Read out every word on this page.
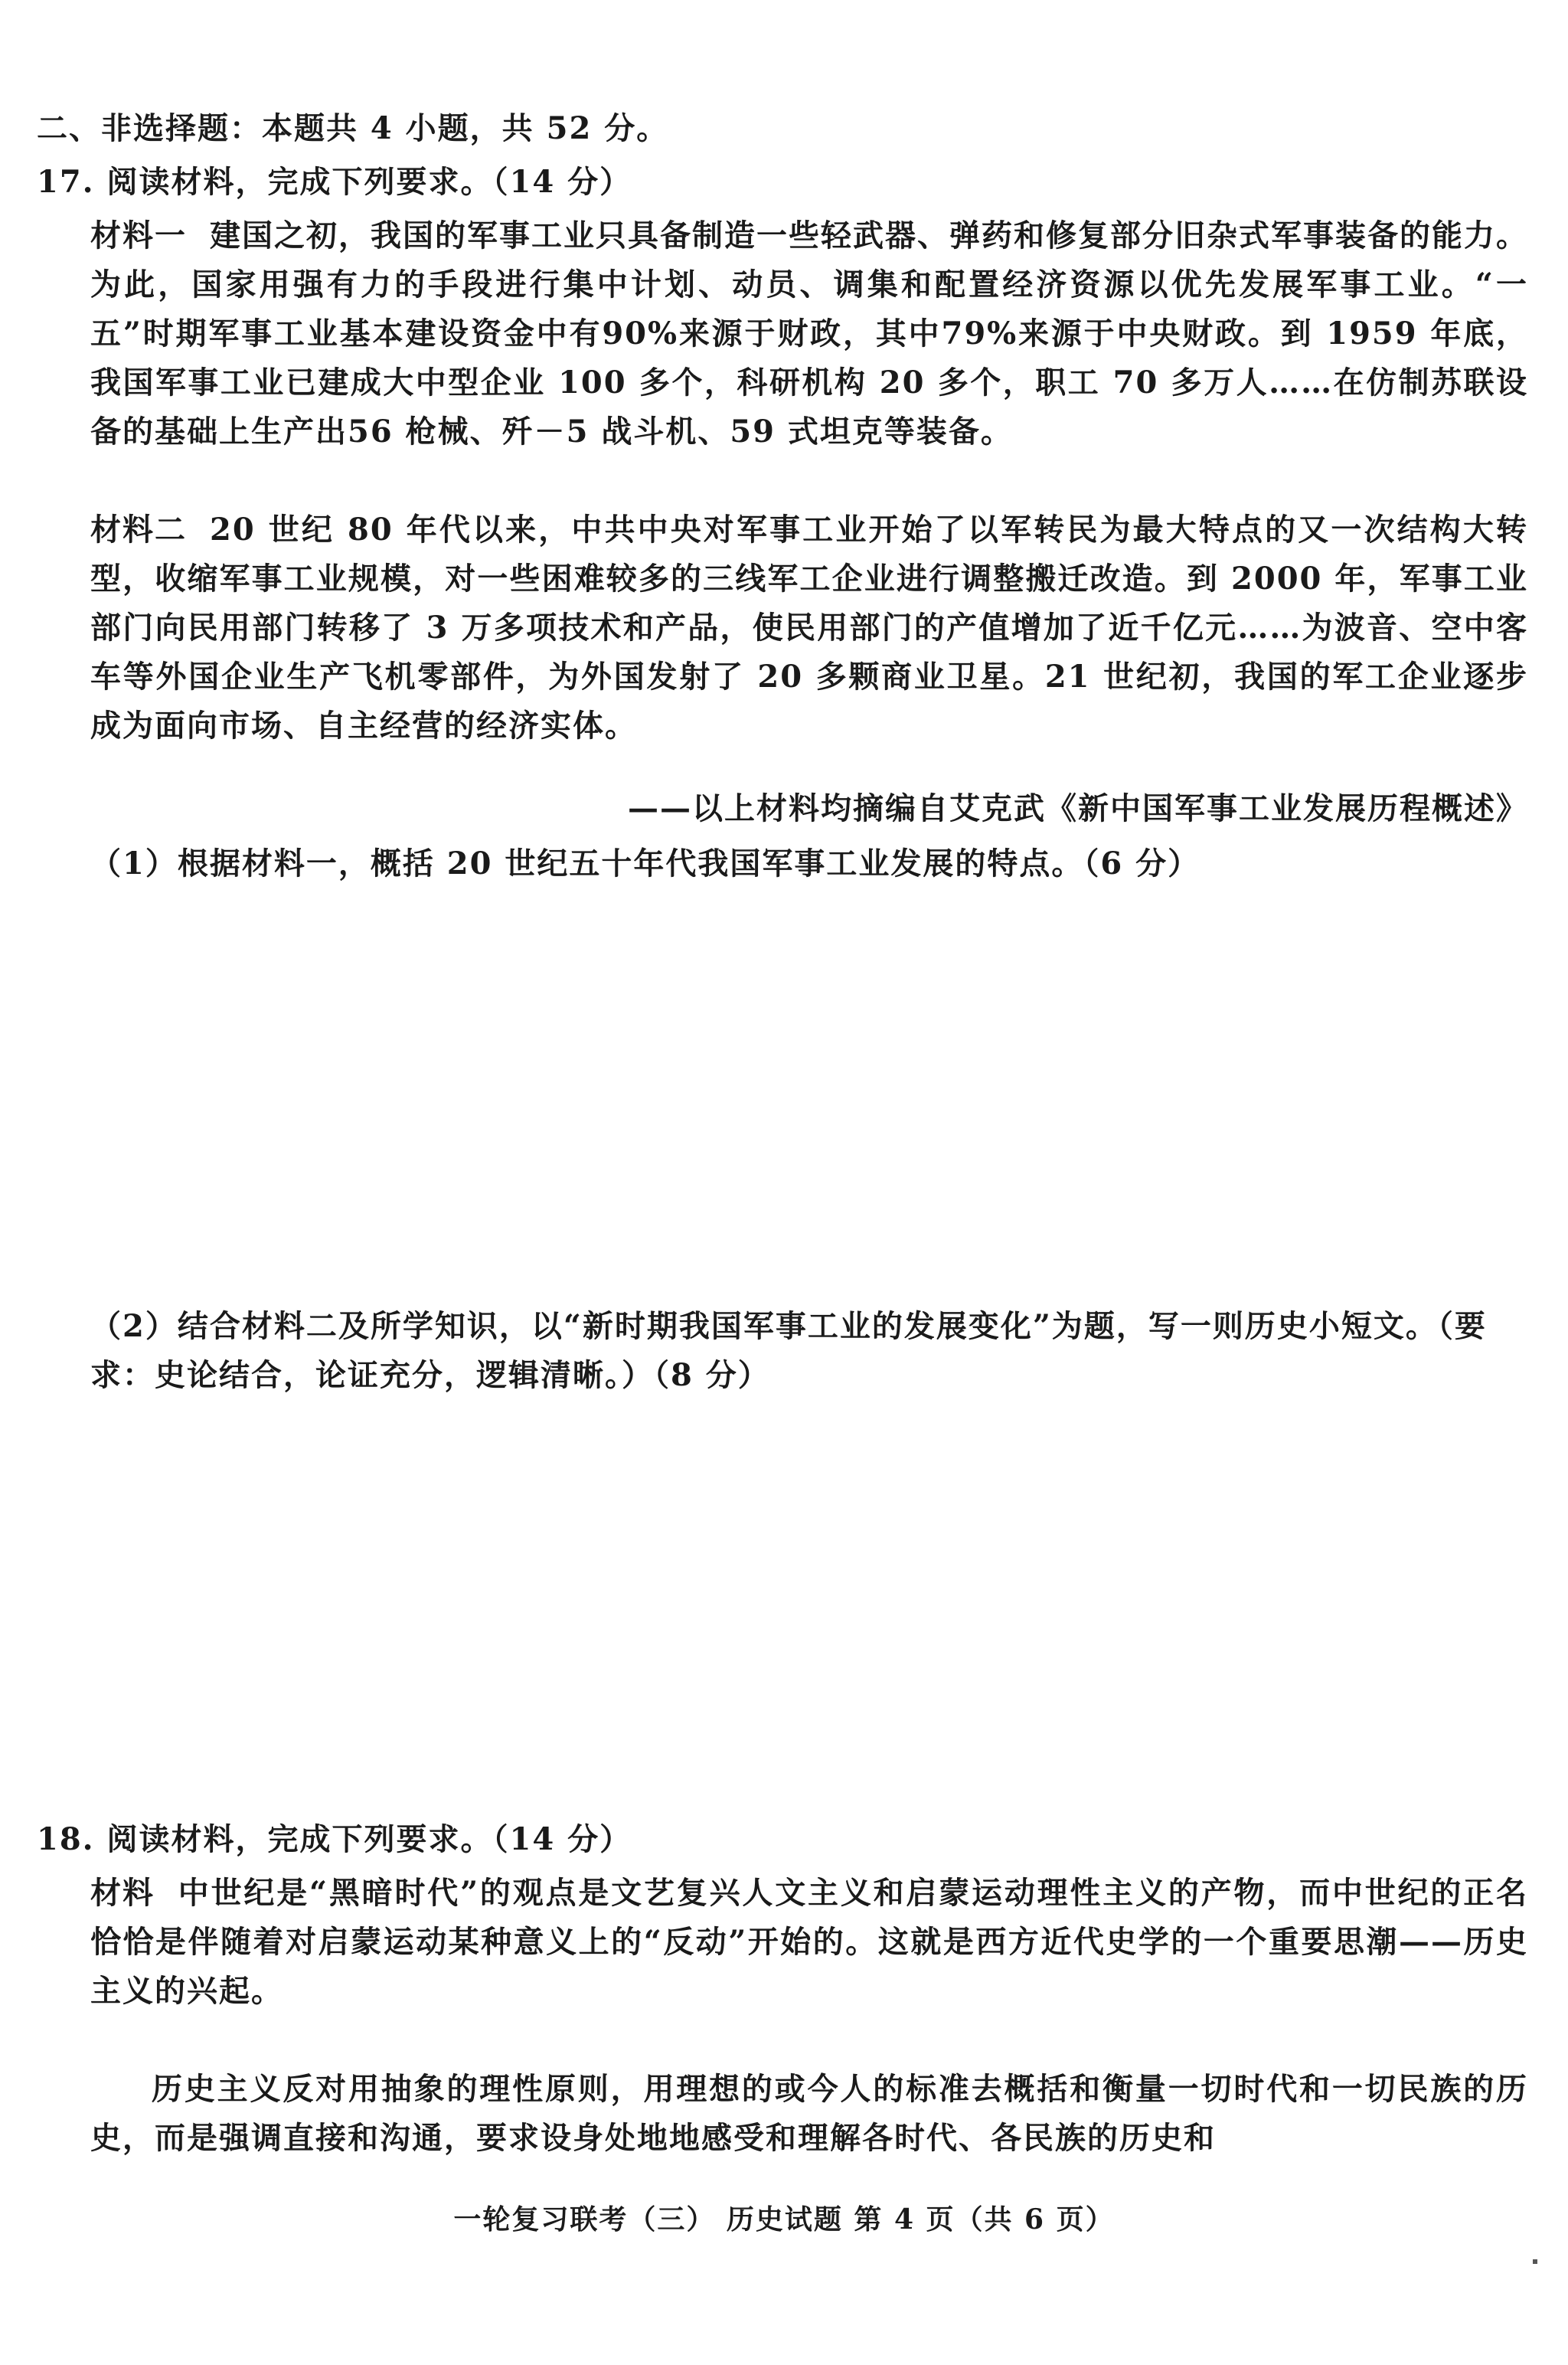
二、非选择题：本题共 4 小题，共 52 分。
17. 阅读材料，完成下列要求。（14 分）
材料一 建国之初，我国的军事工业只具备制造一些轻武器、弹药和修复部分旧杂式军事装备的能力。为此，国家用强有力的手段进行集中计划、动员、调集和配置经济资源以优先发展军事工业。“一五”时期军事工业基本建设资金中有90%来源于财政，其中79%来源于中央财政。到 1959 年底，我国军事工业已建成大中型企业 100 多个，科研机构 20 多个，职工 70 多万人……在仿制苏联设备的基础上生产出56 枪械、歼－5 战斗机、59 式坦克等装备。
材料二 20 世纪 80 年代以来，中共中央对军事工业开始了以军转民为最大特点的又一次结构大转型，收缩军事工业规模，对一些困难较多的三线军工企业进行调整搬迁改造。到 2000 年，军事工业部门向民用部门转移了 3 万多项技术和产品，使民用部门的产值增加了近千亿元……为波音、空中客车等外国企业生产飞机零部件，为外国发射了 20 多颗商业卫星。21 世纪初，我国的军工企业逐步成为面向市场、自主经营的经济实体。
——以上材料均摘编自艾克武《新中国军事工业发展历程概述》
（1）根据材料一，概括 20 世纪五十年代我国军事工业发展的特点。（6 分）
（2）结合材料二及所学知识，以“新时期我国军事工业的发展变化”为题，写一则历史小短文。（要求：史论结合，论证充分，逻辑清晰。）（8 分）
18. 阅读材料，完成下列要求。（14 分）
材料 中世纪是“黑暗时代”的观点是文艺复兴人文主义和启蒙运动理性主义的产物，而中世纪的正名恰恰是伴随着对启蒙运动某种意义上的“反动”开始的。这就是西方近代史学的一个重要思潮——历史主义的兴起。
历史主义反对用抽象的理性原则，用理想的或今人的标准去概括和衡量一切时代和一切民族的历史，而是强调直接和沟通，要求设身处地地感受和理解各时代、各民族的历史和
一轮复习联考（三） 历史试题 第 4 页（共 6 页）
